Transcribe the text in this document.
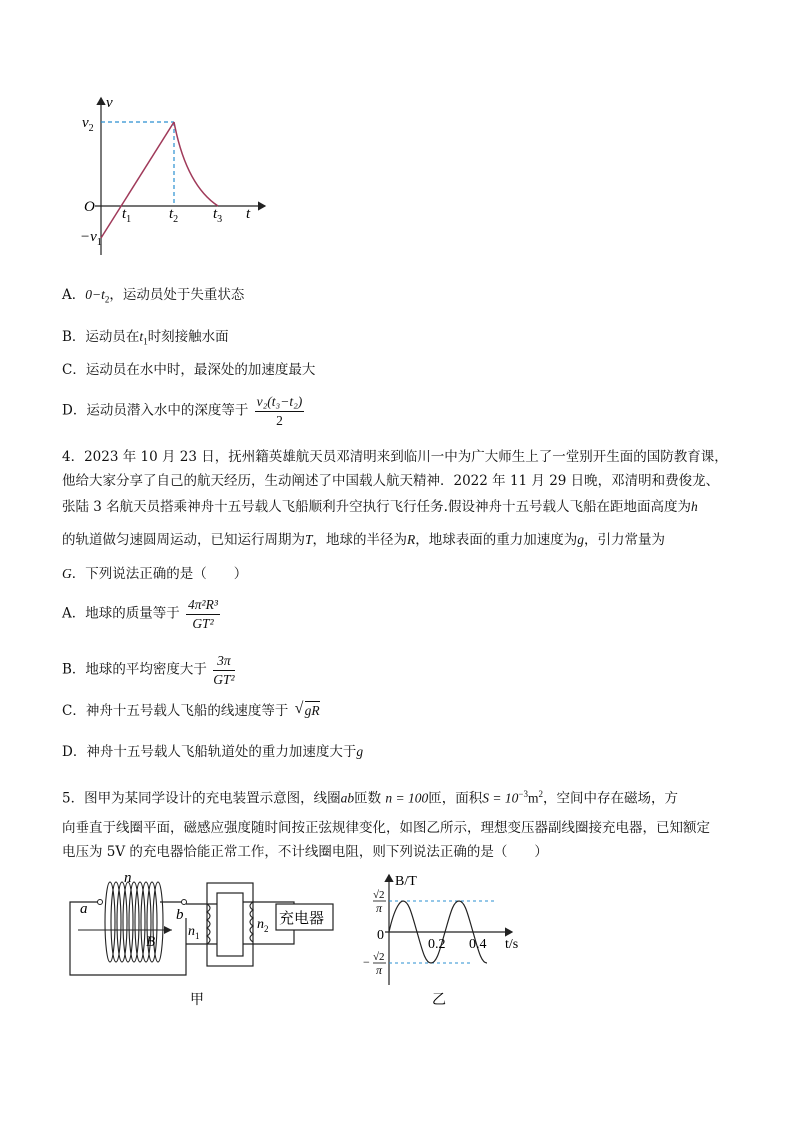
v
t
O
$v_2$
$-v_1$
$t_1$	$t_2$ $t_3$
A．$0-t_2$，运动员处于失重状态
B．运动员在$t_1$时刻接触水面
C．运动员在水中时，最深处的加速度最大
D．运动员潜入水中的深度等于 $\frac{\text{v₂(t₃−t₂)}}{2}$
4．2023 年 10 月 23 日，抚州籍英雄航天员邓清明来到临川一中为广大师生上了一堂别开生面的国防教育课，
他给大家分享了自己的航天经历，生动阐述了中国载人航天精神．2022 年 11 月 29 日晚，邓清明和费俊龙、
张陆 3 名航天员搭乘神舟十五号载人飞船顺利升空执行飞行任务.假设神舟十五号载人飞船在距地面高度为h
的轨道做匀速圆周运动，已知运行周期为T，地球的半径为R，地球表面的重力加速度为g，引力常量为
G．下列说法正确的是（　　）
A．地球的质量等于 $\frac{\text{4π²R³}}{\text{GT²}}$
B．地球的平均密度大于 $\frac{3\pi}{\text{GT²}}$
C．神舟十五号载人飞船的线速度等于 √ gR
D．神舟十五号载人飞船轨道处的重力加速度大于g
5．图甲为某同学设计的充电装置示意图，线圈ab匝数 n = 100匝，面积$S = 10^{-3}m^2$，空间中存在磁场，方
向垂直于线圈平面，磁感应强度随时间按正弦规律变化，如图乙所示，理想变压器副线圈接充电器，已知额定
电压为 5V 的充电器恰能正常工作，不计线圈电阻，则下列说法正确的是（　　）
充电器
n
a	b
B
$n_1$
$n_2$
甲
B/T
t/s
0
0.2 0.4
√2
π
− √2
π
乙
